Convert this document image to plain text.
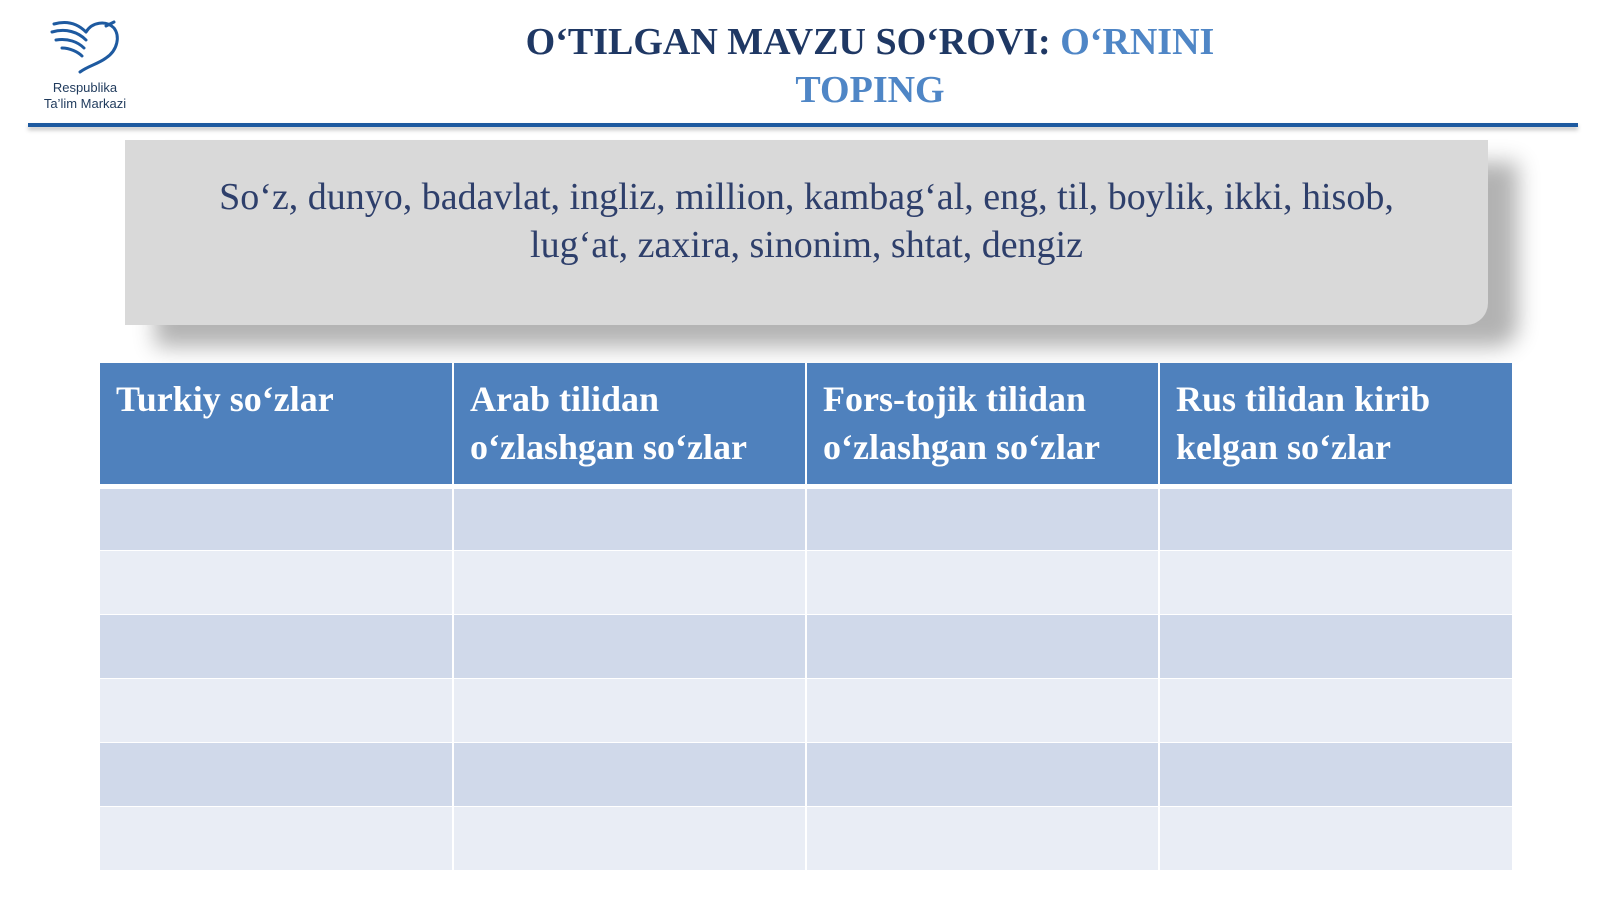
Respublika
Ta’lim Markazi
O‘TILGAN MAVZU SO‘ROVI: O‘RNINI
TOPING

So‘z, dunyo, badavlat, ingliz, million, kambag‘al, eng, til, boylik, ikki, hisob,
lug‘at, zaxira, sinonim, shtat, dengiz

Turkiy so‘zlar	Arab tilidan o‘zlashgan so‘zlar	Fors-tojik tilidan o‘zlashgan so‘zlar	Rus tilidan kirib kelgan so‘zlar
